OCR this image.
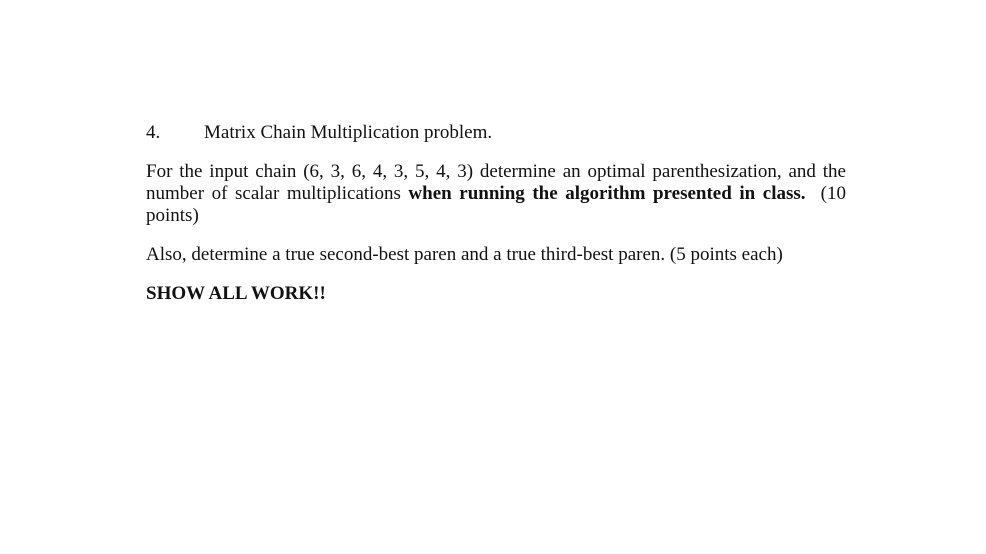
4.	Matrix Chain Multiplication problem.

For the input chain (6, 3, 6, 4, 3, 5, 4, 3) determine an optimal parenthesization, and the number of scalar multiplications when running the algorithm presented in class.  (10 points)

Also, determine a true second-best paren and a true third-best paren. (5 points each)

SHOW ALL WORK!!
